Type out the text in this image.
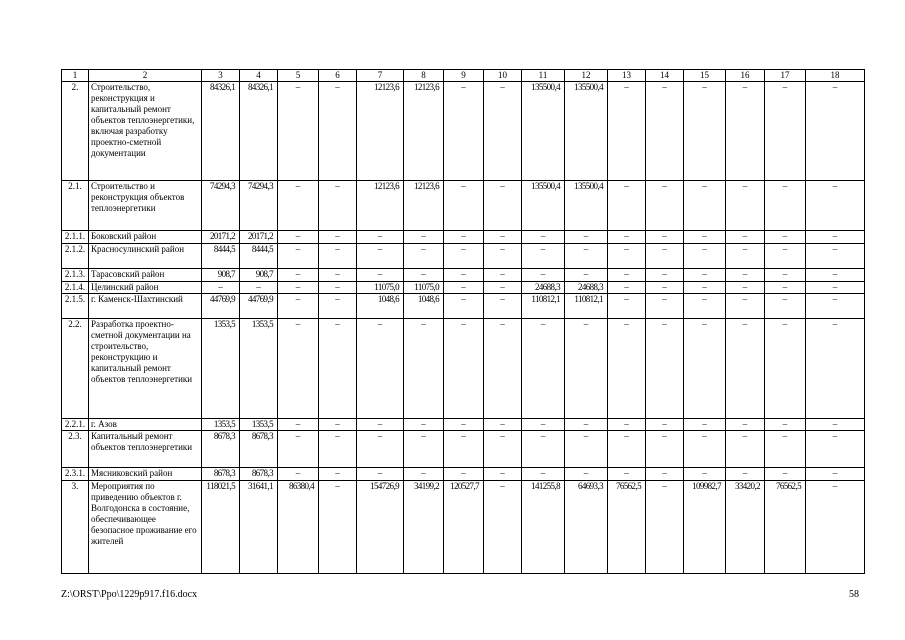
1	2	3	4	5	6	7	8	9	10	11	12	13	14	15	16	17	18
2.	Строительство, реконструкция и капитальный ремонт объектов теплоэнергетики, включая разработку проектно-сметной документации	84326,1	84326,1	–	–	12123,6	12123,6	–	–	135500,4	135500,4	–	–	–	–	–	–
2.1.	Строительство и реконструкция объектов теплоэнергетики	74294,3	74294,3	–	–	12123,6	12123,6	–	–	135500,4	135500,4	–	–	–	–	–	–
2.1.1.	Боковский район	20171,2	20171,2	–	–	–	–	–	–	–	–	–	–	–	–	–	–
2.1.2.	Красносулинский район	8444,5	8444,5	–	–	–	–	–	–	–	–	–	–	–	–	–	–
2.1.3.	Тарасовский район	908,7	908,7	–	–	–	–	–	–	–	–	–	–	–	–	–	–
2.1.4.	Целинский район	–	–	–	–	11075,0	11075,0	–	–	24688,3	24688,3	–	–	–	–	–	–
2.1.5.	г. Каменск-Шахтинский	44769,9	44769,9	–	–	1048,6	1048,6	–	–	110812,1	110812,1	–	–	–	–	–	–
2.2.	Разработка проектно-сметной документации на строительство, реконструкцию и капитальный ремонт объектов теплоэнергетики	1353,5	1353,5	–	–	–	–	–	–	–	–	–	–	–	–	–	–
2.2.1.	г. Азов	1353,5	1353,5	–	–	–	–	–	–	–	–	–	–	–	–	–	–
2.3.	Капитальный ремонт объектов теплоэнергетики	8678,3	8678,3	–	–	–	–	–	–	–	–	–	–	–	–	–	–
2.3.1.	Мясниковский район	8678,3	8678,3	–	–	–	–	–	–	–	–	–	–	–	–	–	–
3.	Мероприятия по приведению объектов г. Волгодонска в состояние, обеспечивающее безопасное проживание его жителей	118021,5	31641,1	86380,4	–	154726,9	34199,2	120527,7	–	141255,8	64693,3	76562,5	–	109982,7	33420,2	76562,5	–
Z:\ORST\Ppo\1229p917.f16.docx	58
